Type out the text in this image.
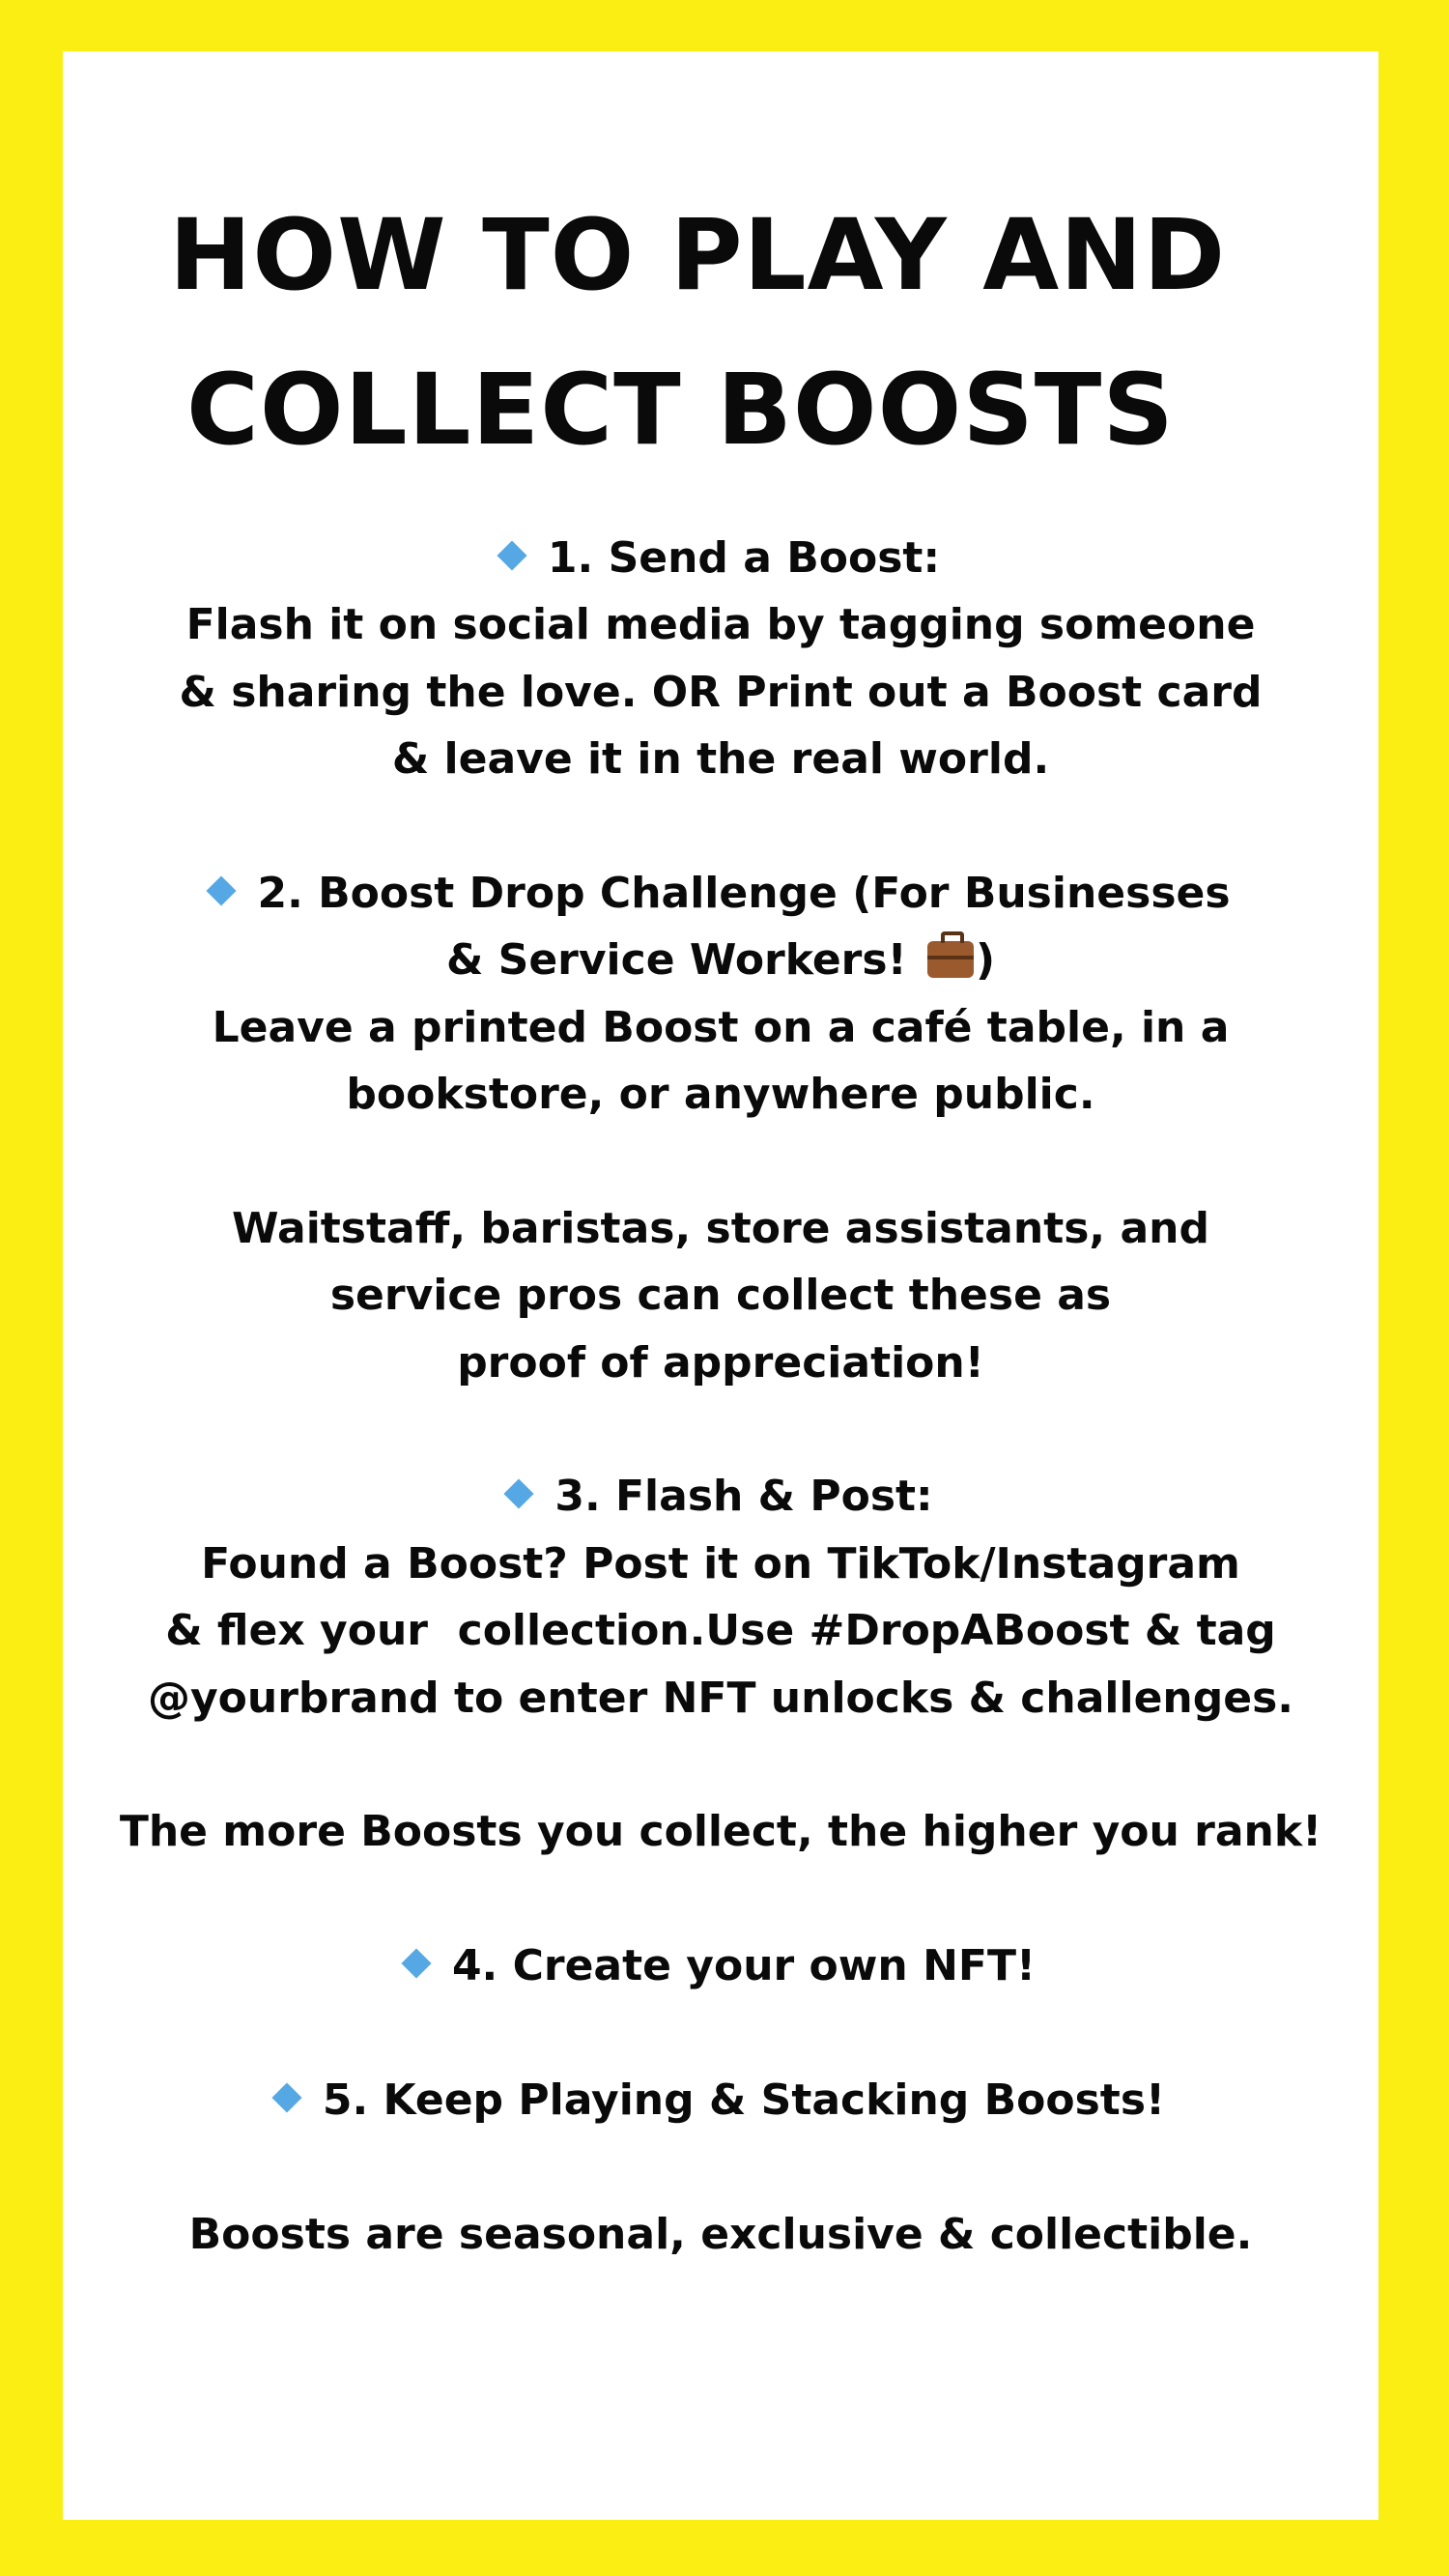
HOW TO PLAY AND
COLLECT BOOSTS
1. Send a Boost:
Flash it on social media by tagging someone
& sharing the love. OR Print out a Boost card
& leave it in the real world.
2. Boost Drop Challenge (For Businesses
& Service Workers! )
Leave a printed Boost on a café table, in a
bookstore, or anywhere public.
Waitstaff, baristas, store assistants, and
service pros can collect these as
proof of appreciation!
3. Flash & Post:
Found a Boost? Post it on TikTok/Instagram
& flex your  collection.Use #DropABoost & tag
@yourbrand to enter NFT unlocks & challenges.
The more Boosts you collect, the higher you rank!
4. Create your own NFT!
5. Keep Playing & Stacking Boosts!
Boosts are seasonal, exclusive & collectible.
